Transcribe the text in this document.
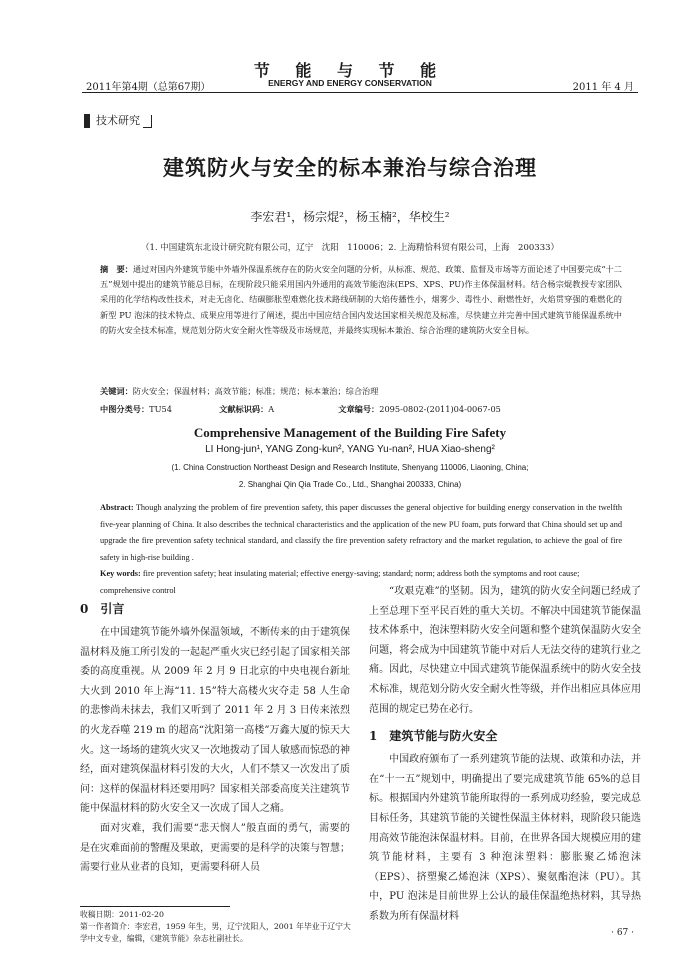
2011年第4期（总第67期）
节 能 与 节 能
ENERGY AND ENERGY CONSERVATION	2011 年 4 月
技术研究
建筑防火与安全的标本兼治与综合治理
李宏君¹，杨宗焜²，杨玉楠²，华校生²
（1. 中国建筑东北设计研究院有限公司，辽宁　沈阳　110006；2. 上海精恰科贸有限公司，上海　200333）
摘　要：通过对国内外建筑节能中外墙外保温系统存在的防火安全问题的分析，从标准、规范、政策、监督及市场等方面论述了中国要完成“十二五”规划中提出的建筑节能总目标，在现阶段只能采用国内外通用的高效节能泡沫(EPS、XPS、PU)作主体保温材料。结合杨宗焜教授专家团队采用的化学结构改性技术，对走无卤化、结碳膨胀型难燃化技术路线研制的大焰传播性小，烟雾少、毒性小、耐燃性好，火焰贯穿强的难燃化的新型 PU 泡沫的技术特点、成果应用等进行了阐述，提出中国应结合国内发达国家相关规范及标准，尽快建立并完善中国式建筑节能保温系统中的防火安全技术标准，规范划分防火安全耐火性等级及市场规范，并最终实现标本兼治、综合治理的建筑防火安全目标。
关键词：防火安全；保温材料；高效节能；标准；规范；标本兼治；综合治理
中图分类号：TU54	文献标识码：A	文章编号：2095-0802-(2011)04-0067-05
Comprehensive Management of the Building Fire Safety
LI Hong-jun¹, YANG Zong-kun², YANG Yu-nan², HUA Xiao-sheng²
(1. China Construction Northeast Design and Research Institute, Shenyang 110006, Liaoning, China;
2. Shanghai Qin Qia Trade Co., Ltd., Shanghai 200333, China)
Abstract: Though analyzing the problem of fire prevention safety, this paper discusses the general objective for building energy conservation in the twelfth five-year planning of China. It also describes the technical characteristics and the application of the new PU foam, puts forward that China should set up and upgrade the fire prevention safety technical standard, and classify the fire prevention safety refractory and the market regulation, to achieve the goal of fire safety in high-rise building .
Key words: fire prevention safety; heat insulating material; effective energy-saving; standard; norm; address both the symptoms and root cause; comprehensive control
0　引言

在中国建筑节能外墙外保温领域，不断传来的由于建筑保温材料及施工所引发的一起起严重火灾已经引起了国家相关部委的高度重视。从 2009 年 2 月 9 日北京的中央电视台新址大火到 2010 年上海“11. 15”特大高楼火灾夺走 58 人生命的悲惨尚未抹去，我们又听到了 2011 年 2 月 3 日传来浓烈的火龙吞噬 219 m 的超高“沈阳第一高楼”万鑫大厦的惊天大火。这一场场的建筑火灾又一次地拨动了国人敏感而惊恐的神经，面对建筑保温材料引发的大火，人们不禁又一次发出了质问：这样的保温材料还要用吗？国家相关部委高度关注建筑节能中保温材料的防火安全又一次成了国人之痛。

面对灾难，我们需要“悲天悯人”般直面的勇气，需要的是在灾难面前的警醒及果敢，更需要的是科学的决策与智慧；需要行业从业者的良知，更需要科研人员

收稿日期：2011-02-20
第一作者简介：李宏君，1959 年生，男，辽宁沈阳人，2001 年毕业于辽宁大学中文专业，编辑，《建筑节能》杂志社副社长。

“攻艰克难”的坚韧。因为，建筑的防火安全问题已经成了上至总理下至平民百姓的重大关切。不解决中国建筑节能保温技术体系中，泡沫塑料防火安全问题和整个建筑保温防火安全问题，将会成为中国建筑节能中对后人无法交待的建筑行业之痛。因此，尽快建立中国式建筑节能保温系统中的防火安全技术标准，规范划分防火安全耐火性等级，并作出相应具体应用范围的规定已势在必行。

1　建筑节能与防火安全

中国政府颁布了一系列建筑节能的法规、政策和办法，并在“十一五”规划中，明确提出了要完成建筑节能 65%的总目标。根据国内外建筑节能所取得的一系列成功经验，要完成总目标任务，其建筑节能的关键性保温主体材料，现阶段只能选用高效节能泡沫保温材料。目前，在世界各国大规模应用的建筑节能材料，主要有 3 种泡沫塑料：膨胀聚乙烯泡沫（EPS）、挤塑聚乙烯泡沫（XPS）、聚氨酯泡沫（PU）。其中，PU 泡沫是目前世界上公认的最佳保温绝热材料，其导热系数为所有保温材料

· 67 ·
